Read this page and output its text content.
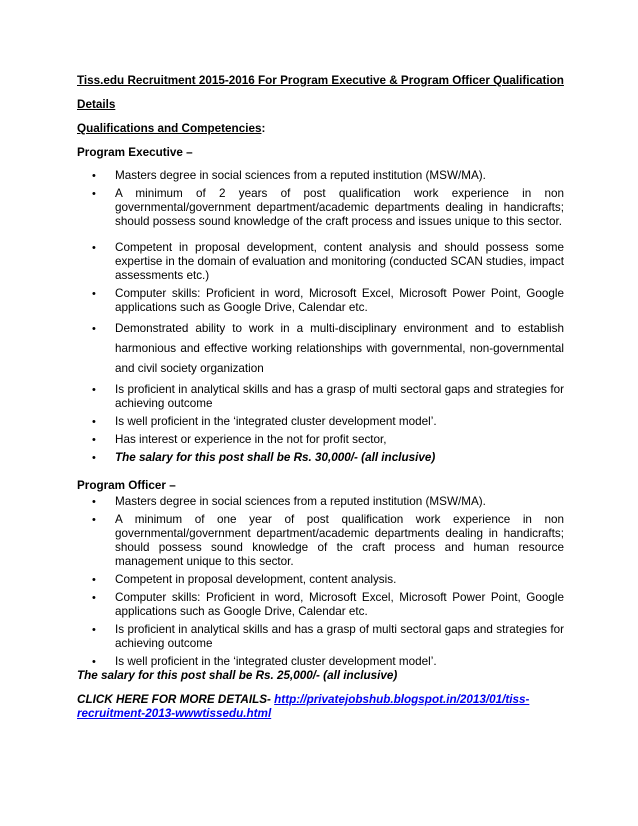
Tiss.edu Recruitment 2015-2016 For Program Executive & Program Officer Qualification

Details

Qualifications and Competencies:

Program Executive –

• Masters degree in social sciences from a reputed institution (MSW/MA).
• A minimum of 2 years of post qualification work experience in non governmental/government department/academic departments dealing in handicrafts; should possess sound knowledge of the craft process and issues unique to this sector.
• Competent in proposal development, content analysis and should possess some expertise in the domain of evaluation and monitoring (conducted SCAN studies, impact assessments etc.)
• Computer skills: Proficient in word, Microsoft Excel, Microsoft Power Point, Google applications such as Google Drive, Calendar etc.
• Demonstrated ability to work in a multi-disciplinary environment and to establish harmonious and effective working relationships with governmental, non-governmental and civil society organization
• Is proficient in analytical skills and has a grasp of multi sectoral gaps and strategies for achieving outcome
• Is well proficient in the ‘integrated cluster development model’.
• Has interest or experience in the not for profit sector,
• The salary for this post shall be Rs. 30,000/- (all inclusive)

Program Officer –

• Masters degree in social sciences from a reputed institution (MSW/MA).
• A minimum of one year of post qualification work experience in non governmental/government department/academic departments dealing in handicrafts; should possess sound knowledge of the craft process and human resource management unique to this sector.
• Competent in proposal development, content analysis.
• Computer skills: Proficient in word, Microsoft Excel, Microsoft Power Point, Google applications such as Google Drive, Calendar etc.
• Is proficient in analytical skills and has a grasp of multi sectoral gaps and strategies for achieving outcome
• Is well proficient in the ‘integrated cluster development model’.

The salary for this post shall be Rs. 25,000/- (all inclusive)

CLICK HERE FOR MORE DETAILS- http://privatejobshub.blogspot.in/2013/01/tiss-recruitment-2013-wwwtissedu.html
